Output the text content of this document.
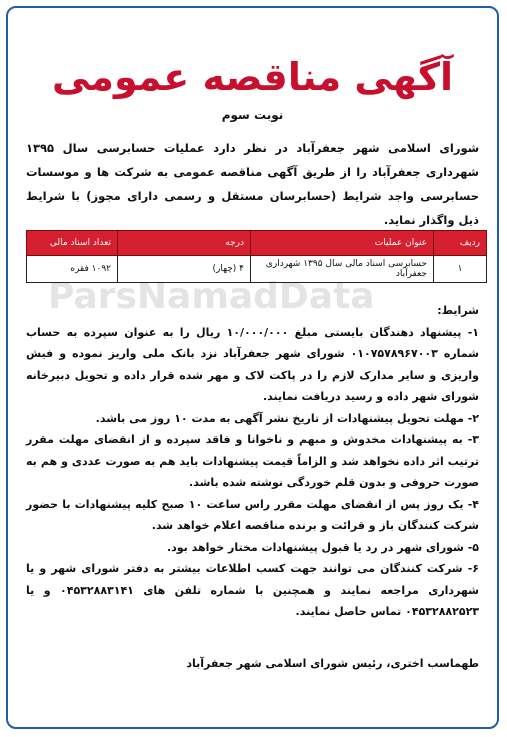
ParsNamadData
آگهی مناقصه عمومی
نوبت سوم
شورای اسلامی شهر جعفرآباد در نظر دارد عملیات حسابرسی سال ۱۳۹۵ شهرداری جعفرآباد را از طریق آگهی مناقصه عمومی به شرکت ها و موسسات حسابرسی واجد شرایط (حسابرسان مستقل و رسمی دارای مجوز) با شرایط ذیل واگذار نماید.
ردیف	عنوان عملیات	درجه	تعداد اسناد مالی
۱	حسابرسی اسناد مالی سال ۱۳۹۵ شهرداری جعفرآباد	۴ (چهار)	۱۰۹۲ فقره

شرایط:

۱- پیشنهاد دهندگان بایستی مبلغ ۱۰/۰۰۰/۰۰۰ ریال را به عنوان سپرده به حساب شماره ۰۱۰۷۵۷۸۹۶۷۰۰۳ شورای شهر جعفرآباد نزد بانک ملی واریز نموده و فیش واریزی و سایر مدارک لازم را در پاکت لاک و مهر شده قرار داده و تحویل دبیرخانه شورای شهر داده و رسید دریافت نمایند.

۲- مهلت تحویل پیشنهادات از تاریخ نشر آگهی به مدت ۱۰ روز می باشد.

۳- به پیشنهادات مخدوش و مبهم و ناخوانا و فاقد سپرده و از انقضای مهلت مقرر ترتیب اثر داده نخواهد شد و الزاماً قیمت پیشنهادات باید هم به صورت عددی و هم به صورت حروفی و بدون قلم خوردگی نوشته شده باشد.

۴- یک روز پس از انقضای مهلت مقرر راس ساعت ۱۰ صبح کلیه پیشنهادات با حضور شرکت کنندگان باز و قرائت و برنده مناقصه اعلام خواهد شد.

۵- شورای شهر در رد یا قبول پیشنهادات مختار خواهد بود.

۶- شرکت کنندگان می توانند جهت کسب اطلاعات بیشتر به دفتر شورای شهر و یا شهرداری مراجعه نمایند و همچنین با شماره تلفن های ۰۴۵۳۲۸۸۳۱۴۱ و یا ۰۴۵۳۲۸۸۲۵۲۳ تماس حاصل نمایند.

طهماسب اختری، رئیس شورای اسلامی شهر جعفرآباد
